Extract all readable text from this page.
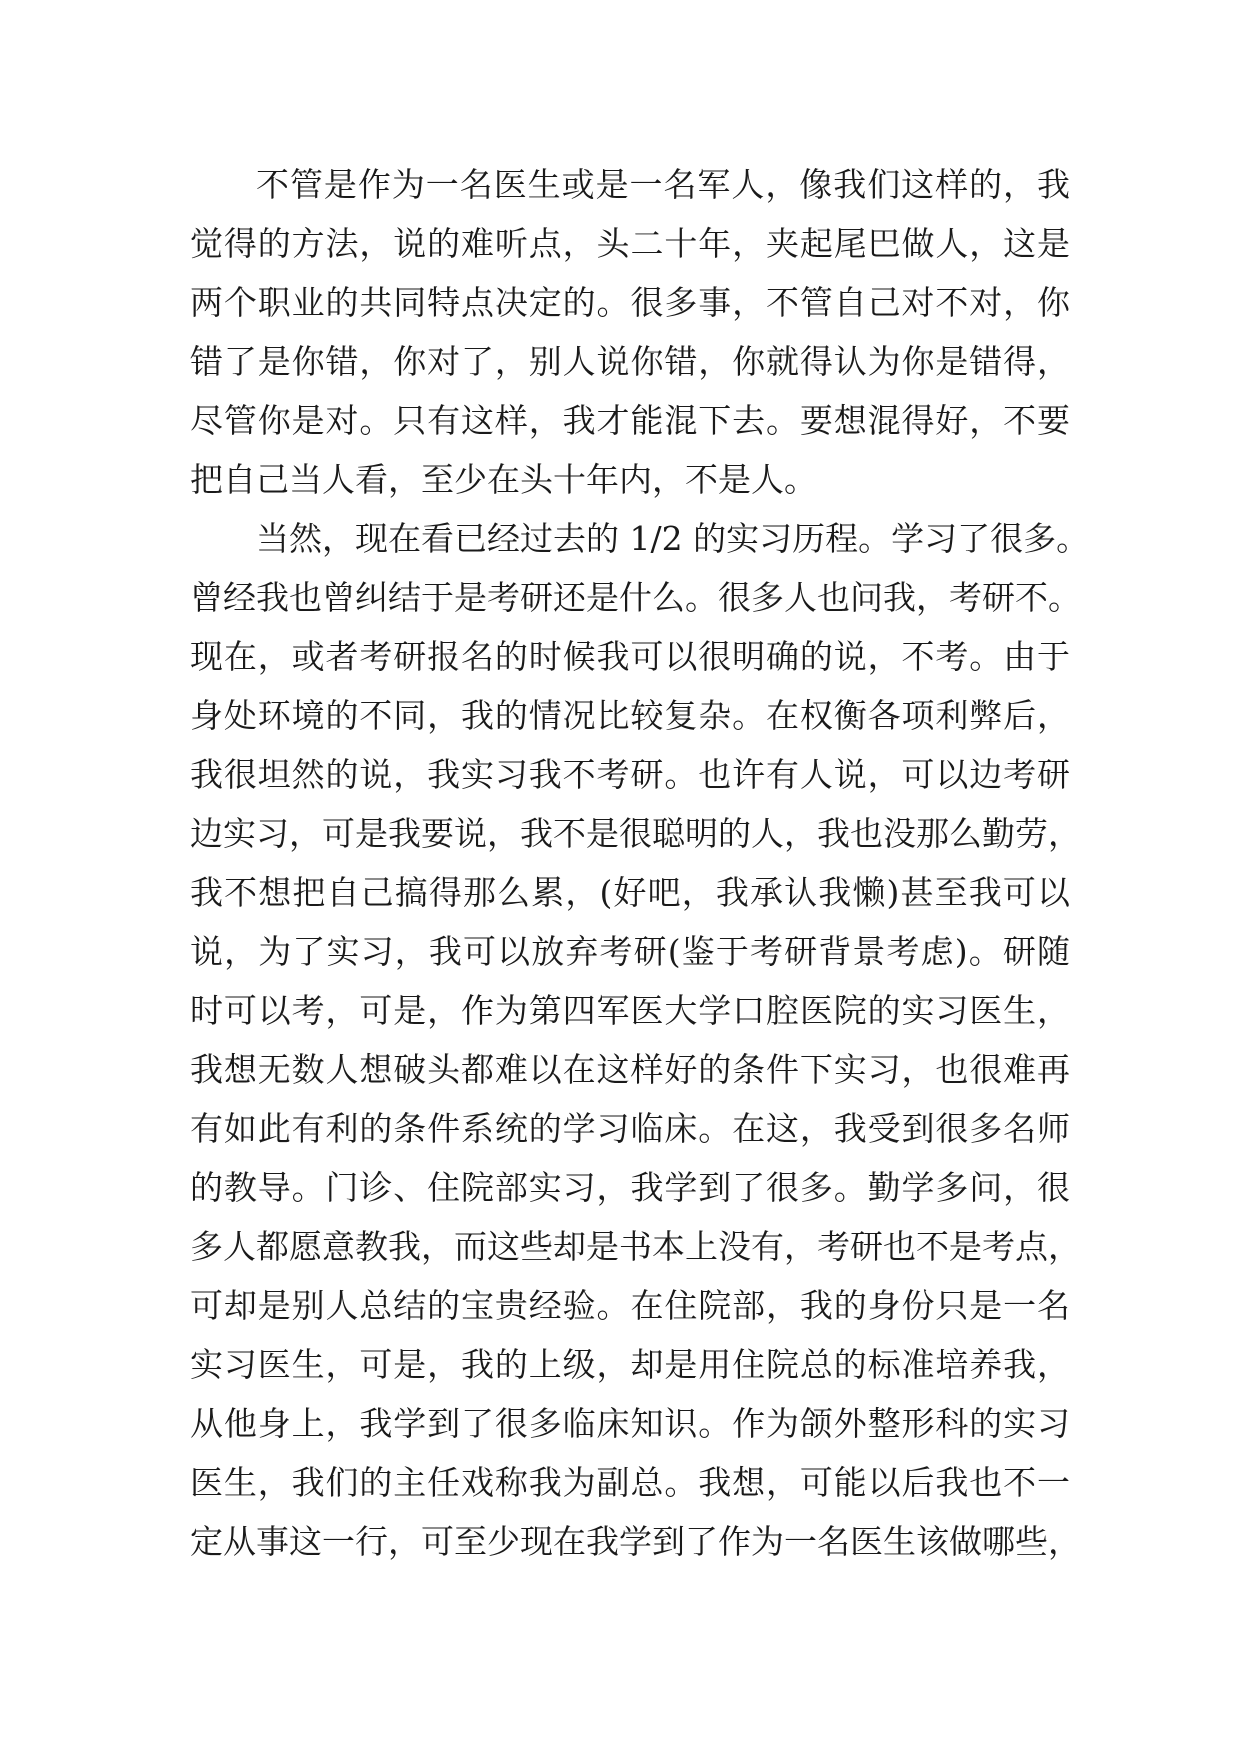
不管是作为一名医生或是一名军人，像我们这样的，我
觉得的方法，说的难听点，头二十年，夹起尾巴做人，这是
两个职业的共同特点决定的。很多事，不管自己对不对，你
错了是你错，你对了，别人说你错，你就得认为你是错得，
尽管你是对。只有这样，我才能混下去。要想混得好，不要
把自己当人看，至少在头十年内，不是人。
当然，现在看已经过去的 1/2 的实习历程。学习了很多。
曾经我也曾纠结于是考研还是什么。很多人也问我，考研不。
现在，或者考研报名的时候我可以很明确的说，不考。由于
身处环境的不同，我的情况比较复杂。在权衡各项利弊后，
我很坦然的说，我实习我不考研。也许有人说，可以边考研
边实习，可是我要说，我不是很聪明的人，我也没那么勤劳，
我不想把自己搞得那么累，(好吧，我承认我懒)甚至我可以
说，为了实习，我可以放弃考研(鉴于考研背景考虑)。研随
时可以考，可是，作为第四军医大学口腔医院的实习医生，
我想无数人想破头都难以在这样好的条件下实习，也很难再
有如此有利的条件系统的学习临床。在这，我受到很多名师
的教导。门诊、住院部实习，我学到了很多。勤学多问，很
多人都愿意教我，而这些却是书本上没有，考研也不是考点，
可却是别人总结的宝贵经验。在住院部，我的身份只是一名
实习医生，可是，我的上级，却是用住院总的标准培养我，
从他身上，我学到了很多临床知识。作为颌外整形科的实习
医生，我们的主任戏称我为副总。我想，可能以后我也不一
定从事这一行，可至少现在我学到了作为一名医生该做哪些，
